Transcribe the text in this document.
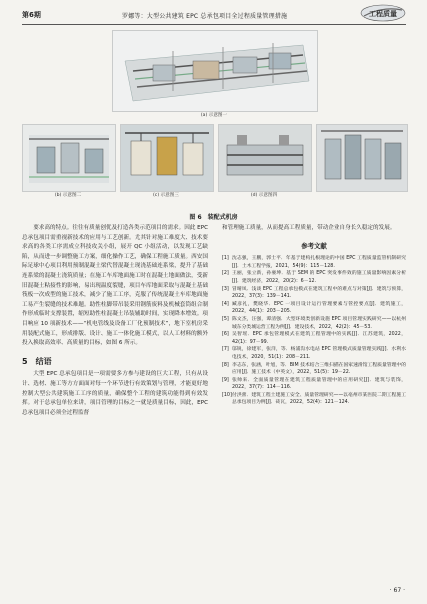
第6期	罗娜等：大型公共建筑 EPC 总承包项目全过程质量管理措施	工程质量
(a) 示意图一
(b) 示意图二	(c) 示意图三	(d) 示意图四
图 6　装配式机房

要求高的特点。往往有质量创优及打造各类示范项目的需求。因此 EPC 总承包项目需重视新技术的应用与工艺创新。尤其针对施工难度大、技术要求高的各类工序需成立科技攻关小组，展开 QC 小组活动，以发现工艺缺陷，从而进一步调整施工方案，细化操作工艺，确保工程施工质量。西安国际足球中心项目利用预制混凝土梁代替混凝土现浇基础连系梁，提升了基础连系梁的混凝土浇筑质量；在施工车库地面施工时在混凝土地面做法，受新旧混凝土粘接性的影响，易出现温度裂缝，项目车库地面采取与混凝土基础筏板一次成型的施工技术，减少了施工工序，克服了传统混凝土车库地面施工易产生裂缝的技术难题。助性柱脚带吊装采用钢筋废料及机械套筒组合制作形成临时支撑装置，缩短助性柱混凝土吊装辅助时间，实现降本增效。项目响应 10 项新技术——“机电管线及设备工厂化预制技术”，地下室机房采用装配式施工，形成排版、设计、施工一体化施工模式，以人工材料的额外投入换取高效率、高质量的目标，如图 6 所示。

5　结语

大型 EPC 总承包项目是一项需要多方参与建设的巨大工程，只有从设计、选材、施工等方方面面对每一个环节进行有效策划与管理，才能更好地控制大型公共建筑施工工序的质量，确保整个工程的建筑功能得到有效发挥。对于总承包单位来讲，项目管理的目标之一就是质量目标，因此，EPC 总承包项目必须全过程监督

和管理施工质量，从而提高工程质量，带动企业自身长久稳定的发展。

参考文献

[1] 沈志强，王鹏，郭士平．年基于建构扎根理论的中国 EPC 工程质量监管机制研究[J]．土木工程学报，2021，54(9)：115－128.
[2] 王丽，张立新，孙豪坤．基于 SEM 的 EPC 突发事件效的施工质量影响因素分析[J]．建筑经济，2022，20(2)：6－12.
[3] 冒晴凤．浅谈 EPC 工程总承包模式在建筑工程中的难点与对策[J]．建筑与预算，2022，37(3)：139－141.
[4] 臧彦礼，樊晓华．EPC 一项目设计运行管理要素与管控要点[J]．建筑施工，2022，44(1)：203－205.
[5] 陈文杰，汪强，谭清强．大型环境类创新设施 EPC 项目管理实践研究——以杭州城东分类城运营工程为例[J]．建设技术，2022，42(2)：45－53.
[6] 吴智瑶．EPC 承包管理模式在建筑工程管理中的实践[J]．江苏建筑，2022，42(1)：97－99.
[7] 邬锐，徐建军，张洋，等．杨浦沟水电站 EPC 管理模式质量管理实践[J]．水利水电技术，2020，51(1)：208－211.
[8] 李志东，张涵，叶旭，等．BIM 技术结合三维扫描在国家速滑馆工程质量管理中的应用[J]．施工技术（中英文），2022，51(5)：19－22.
[9] 张帅来．全面质量管理在建筑工程质量管理中的应用研究[J]．建筑与装饰，2022，37(7)：114－116.
[10] 付洪蕾．建筑工程土建施工安全、质量管理研究——以亳州市某医院二期工程施工总承包项目为例[J]．砖瓦，2022，52(4)：121－124.
· 67 ·
